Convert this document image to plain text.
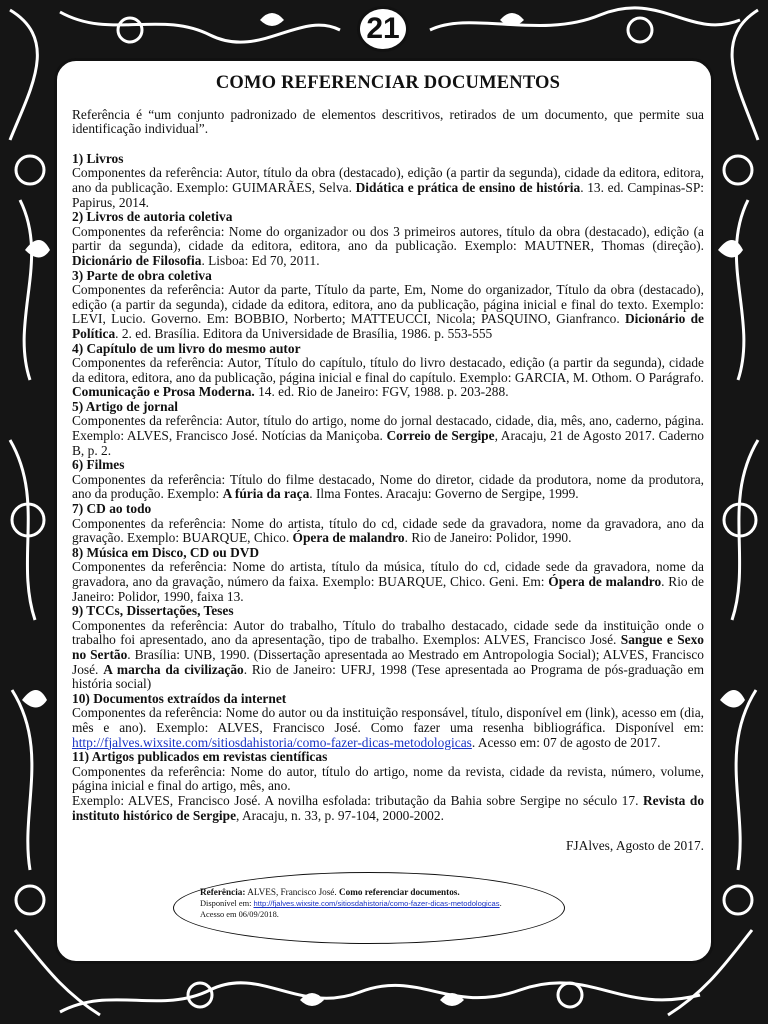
21
COMO REFERENCIAR DOCUMENTOS
Referência é “um conjunto padronizado de elementos descritivos, retirados de um documento, que permite sua identificação individual”.
1) Livros
Componentes da referência: Autor, título da obra (destacado), edição (a partir da segunda), cidade da editora, editora, ano da publicação. Exemplo: GUIMARÃES, Selva. Didática e prática de ensino de história. 13. ed. Campinas-SP: Papirus, 2014.
2) Livros de autoria coletiva
Componentes da referência: Nome do organizador ou dos 3 primeiros autores, título da obra (destacado), edição (a partir da segunda), cidade da editora, editora, ano da publicação. Exemplo: MAUTNER, Thomas (direção). Dicionário de Filosofia. Lisboa: Ed 70, 2011.
3) Parte de obra coletiva
Componentes da referência: Autor da parte, Título da parte, Em, Nome do organizador, Título da obra (destacado), edição (a partir da segunda), cidade da editora, editora, ano da publicação, página inicial e final do texto. Exemplo: LEVI, Lucio. Governo. Em: BOBBIO, Norberto; MATTEUCCI, Nicola; PASQUINO, Gianfranco. Dicionário de Política. 2. ed. Brasília. Editora da Universidade de Brasília, 1986. p. 553-555
4) Capítulo de um livro do mesmo autor
Componentes da referência: Autor, Título do capítulo, título do livro destacado, edição (a partir da segunda), cidade da editora, editora, ano da publicação, página inicial e final do capítulo. Exemplo: GARCIA, M. Othom. O Parágrafo. Comunicação e Prosa Moderna. 14. ed. Rio de Janeiro: FGV, 1988. p. 203-288.
5) Artigo de jornal
Componentes da referência: Autor, título do artigo, nome do jornal destacado, cidade, dia, mês, ano, caderno, página. Exemplo: ALVES, Francisco José. Notícias da Maniçoba. Correio de Sergipe, Aracaju, 21 de Agosto 2017. Caderno B, p. 2.
6) Filmes
Componentes da referência: Título do filme destacado, Nome do diretor, cidade da produtora, nome da produtora, ano da produção. Exemplo: A fúria da raça. Ilma Fontes. Aracaju: Governo de Sergipe, 1999.
7) CD ao todo
Componentes da referência: Nome do artista, título do cd, cidade sede da gravadora, nome da gravadora, ano da gravação. Exemplo: BUARQUE, Chico. Ópera de malandro. Rio de Janeiro: Polidor, 1990.
8) Música em Disco, CD ou DVD
Componentes da referência: Nome do artista, título da música, título do cd, cidade sede da gravadora, nome da gravadora, ano da gravação, número da faixa. Exemplo: BUARQUE, Chico. Geni. Em: Ópera de malandro. Rio de Janeiro: Polidor, 1990, faixa 13.
9) TCCs, Dissertações, Teses
Componentes da referência: Autor do trabalho, Título do trabalho destacado, cidade sede da instituição onde o trabalho foi apresentado, ano da apresentação, tipo de trabalho. Exemplos: ALVES, Francisco José. Sangue e Sexo no Sertão. Brasília: UNB, 1990. (Dissertação apresentada ao Mestrado em Antropologia Social); ALVES, Francisco José. A marcha da civilização. Rio de Janeiro: UFRJ, 1998 (Tese apresentada ao Programa de pós-graduação em história social)
10) Documentos extraídos da internet
Componentes da referência: Nome do autor ou da instituição responsável, título, disponível em (link), acesso em (dia, mês e ano). Exemplo: ALVES, Francisco José. Como fazer uma resenha bibliográfica. Disponível em: http://fjalves.wixsite.com/sitiosdahistoria/como-fazer-dicas-metodologicas. Acesso em: 07 de agosto de 2017.
11) Artigos publicados em revistas científicas
Componentes da referência: Nome do autor, título do artigo, nome da revista, cidade da revista, número, volume, página inicial e final do artigo, mês, ano.
Exemplo: ALVES, Francisco José. A novilha esfolada: tributação da Bahia sobre Sergipe no século 17. Revista do instituto histórico de Sergipe, Aracaju, n. 33, p. 97-104, 2000-2002.
FJAlves, Agosto de 2017.
Referência: ALVES, Francisco José. Como referenciar documentos.
Disponível em: http://fjalves.wixsite.com/sitiosdahistoria/como-fazer-dicas-metodologicas.
Acesso em 06/09/2018.
